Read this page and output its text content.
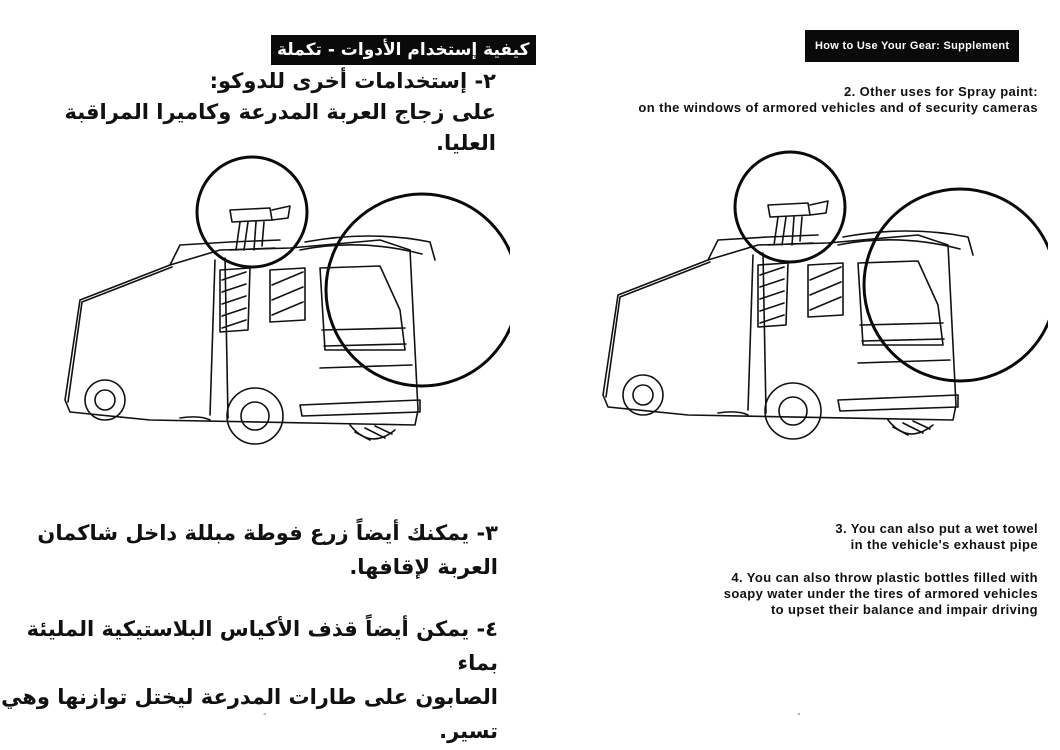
كيفية إستخدام الأدوات - تكملة
٢- إستخدامات أخرى للدوكو:
على زجاج العربة المدرعة وكاميرا المراقبة العليا.
٣- يمكنك أيضاً زرع فوطة مبللة داخل شاكمان
العربة لإقافها.
٤- يمكن أيضاً قذف الأكياس البلاستيكية المليئة بماء
الصابون على طارات المدرعة ليختل توازنها وهي
تسير.
"
How to Use Your Gear: Supplement
2. Other uses for Spray paint:
on the windows of armored vehicles and of security cameras
3. You can also put a wet towel
in the vehicle's exhaust pipe
4. You can also throw plastic bottles filled with
soapy water under the tires of armored vehicles
to upset their balance and impair driving
"
